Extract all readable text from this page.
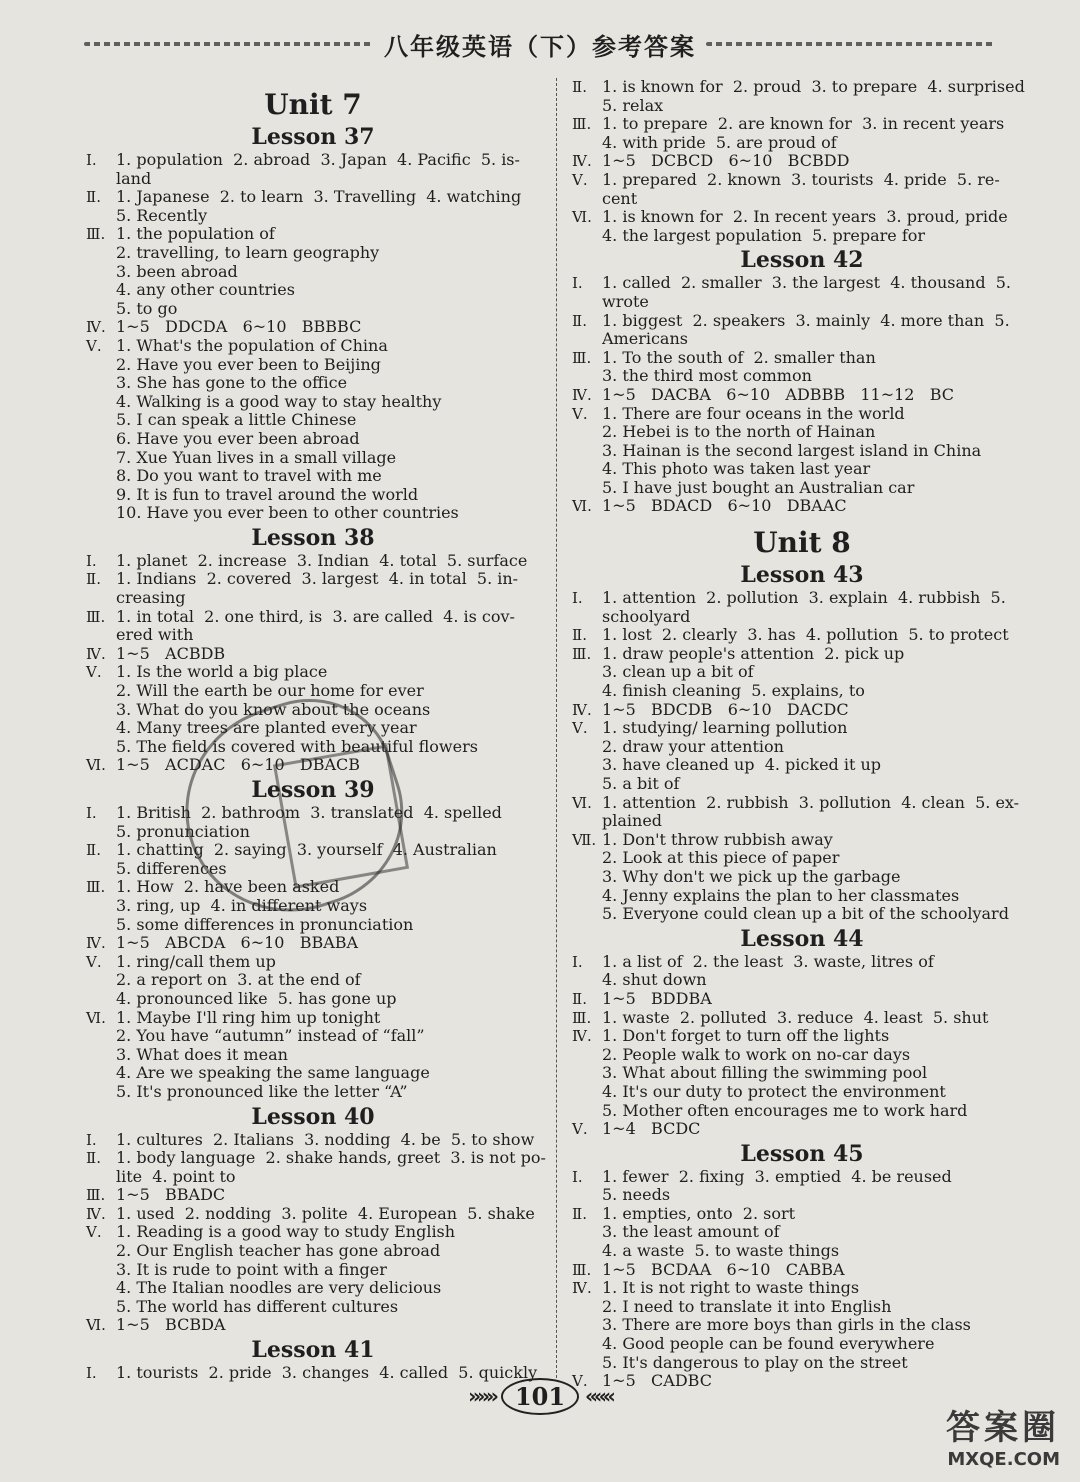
八年级英语（下）参考答案
Unit 7
Lesson 37
Ⅰ.	1. population  2. abroad  3. Japan  4. Pacific  5. is-
land
Ⅱ. 1. Japanese  2. to learn  3. Travelling  4. watching
5. Recently
Ⅲ. 1. the population of
2. travelling, to learn geography
3. been abroad
4. any other countries
5. to go
Ⅳ. 1~5   DDCDA   6~10   BBBBC
Ⅴ. 1. What's the population of China
2. Have you ever been to Beijing
3. She has gone to the office
4. Walking is a good way to stay healthy
5. I can speak a little Chinese
6. Have you ever been abroad
7. Xue Yuan lives in a small village
8. Do you want to travel with me
9. It is fun to travel around the world
10. Have you ever been to other countries
Lesson 38
Ⅰ.	1. planet  2. increase  3. Indian  4. total  5. surface
Ⅱ. 1. Indians  2. covered  3. largest  4. in total  5. in-
creasing
Ⅲ. 1. in total  2. one third, is  3. are called  4. is cov-
ered with
Ⅳ. 1~5   ACBDB
Ⅴ. 1. Is the world a big place
2. Will the earth be our home for ever
3. What do you know about the oceans
4. Many trees are planted every year
5. The field is covered with beautiful flowers
Ⅵ. 1~5   ACDAC   6~10   DBACB
Lesson 39
Ⅰ.	1. British  2. bathroom  3. translated  4. spelled
5. pronunciation
Ⅱ. 1. chatting  2. saying  3. yourself  4. Australian
5. differences
Ⅲ. 1. How  2. have been asked
3. ring, up  4. in different ways
5. some differences in pronunciation
Ⅳ. 1~5   ABCDA   6~10   BBABA
Ⅴ. 1. ring/call them up
2. a report on  3. at the end of
4. pronounced like  5. has gone up
Ⅵ. 1. Maybe I'll ring him up tonight
2. You have “autumn” instead of “fall”
3. What does it mean
4. Are we speaking the same language
5. It's pronounced like the letter “A”
Lesson 40
Ⅰ.	1. cultures  2. Italians  3. nodding  4. be  5. to show
Ⅱ. 1. body language  2. shake hands, greet  3. is not po-
lite  4. point to
Ⅲ. 1~5   BBADC
Ⅳ. 1. used  2. nodding  3. polite  4. European  5. shake
Ⅴ. 1. Reading is a good way to study English
2. Our English teacher has gone abroad
3. It is rude to point with a finger
4. The Italian noodles are very delicious
5. The world has different cultures
Ⅵ. 1~5   BCBDA
Lesson 41
Ⅰ.	1. tourists  2. pride  3. changes  4. called  5. quickly
Ⅱ. 1. is known for  2. proud  3. to prepare  4. surprised
5. relax
Ⅲ. 1. to prepare  2. are known for  3. in recent years
4. with pride  5. are proud of
Ⅳ. 1~5   DCBCD   6~10   BCBDD
Ⅴ. 1. prepared  2. known  3. tourists  4. pride  5. re-
cent
Ⅵ. 1. is known for  2. In recent years  3. proud, pride
4. the largest population  5. prepare for
Lesson 42
Ⅰ.	1. called  2. smaller  3. the largest  4. thousand  5.
wrote
Ⅱ. 1. biggest  2. speakers  3. mainly  4. more than  5.
Americans
Ⅲ. 1. To the south of  2. smaller than
3. the third most common
Ⅳ. 1~5   DACBA   6~10   ADBBB   11~12   BC
Ⅴ. 1. There are four oceans in the world
2. Hebei is to the north of Hainan
3. Hainan is the second largest island in China
4. This photo was taken last year
5. I have just bought an Australian car
Ⅵ. 1~5   BDACD   6~10   DBAAC
Unit 8
Lesson 43
Ⅰ.	1. attention  2. pollution  3. explain  4. rubbish  5.
schoolyard
Ⅱ. 1. lost  2. clearly  3. has  4. pollution  5. to protect
Ⅲ. 1. draw people's attention  2. pick up
3. clean up a bit of
4. finish cleaning  5. explains, to
Ⅳ. 1~5   BDCDB   6~10   DACDC
Ⅴ. 1. studying/ learning pollution
2. draw your attention
3. have cleaned up  4. picked it up
5. a bit of
Ⅵ. 1. attention  2. rubbish  3. pollution  4. clean  5. ex-
plained
Ⅶ. 1. Don't throw rubbish away
2. Look at this piece of paper
3. Why don't we pick up the garbage
4. Jenny explains the plan to her classmates
5. Everyone could clean up a bit of the schoolyard
Lesson 44
Ⅰ.	1. a list of  2. the least  3. waste, litres of
4. shut down
Ⅱ. 1~5   BDDBA
Ⅲ. 1. waste  2. polluted  3. reduce  4. least  5. shut
Ⅳ. 1. Don't forget to turn off the lights
2. People walk to work on no-car days
3. What about filling the swimming pool
4. It's our duty to protect the environment
5. Mother often encourages me to work hard
Ⅴ. 1~4   BCDC
Lesson 45
Ⅰ.	1. fewer  2. fixing  3. emptied  4. be reused
5. needs
Ⅱ. 1. empties, onto  2. sort
3. the least amount of
4. a waste  5. to waste things
Ⅲ. 1~5   BCDAA   6~10   CABBA
Ⅳ. 1. It is not right to waste things
2. I need to translate it into English
3. There are more boys than girls in the class
4. Good people can be found everywhere
5. It's dangerous to play on the street
Ⅴ. 1~5   CADBC
»»» 101	«««
答案圈
MXQE.COM
